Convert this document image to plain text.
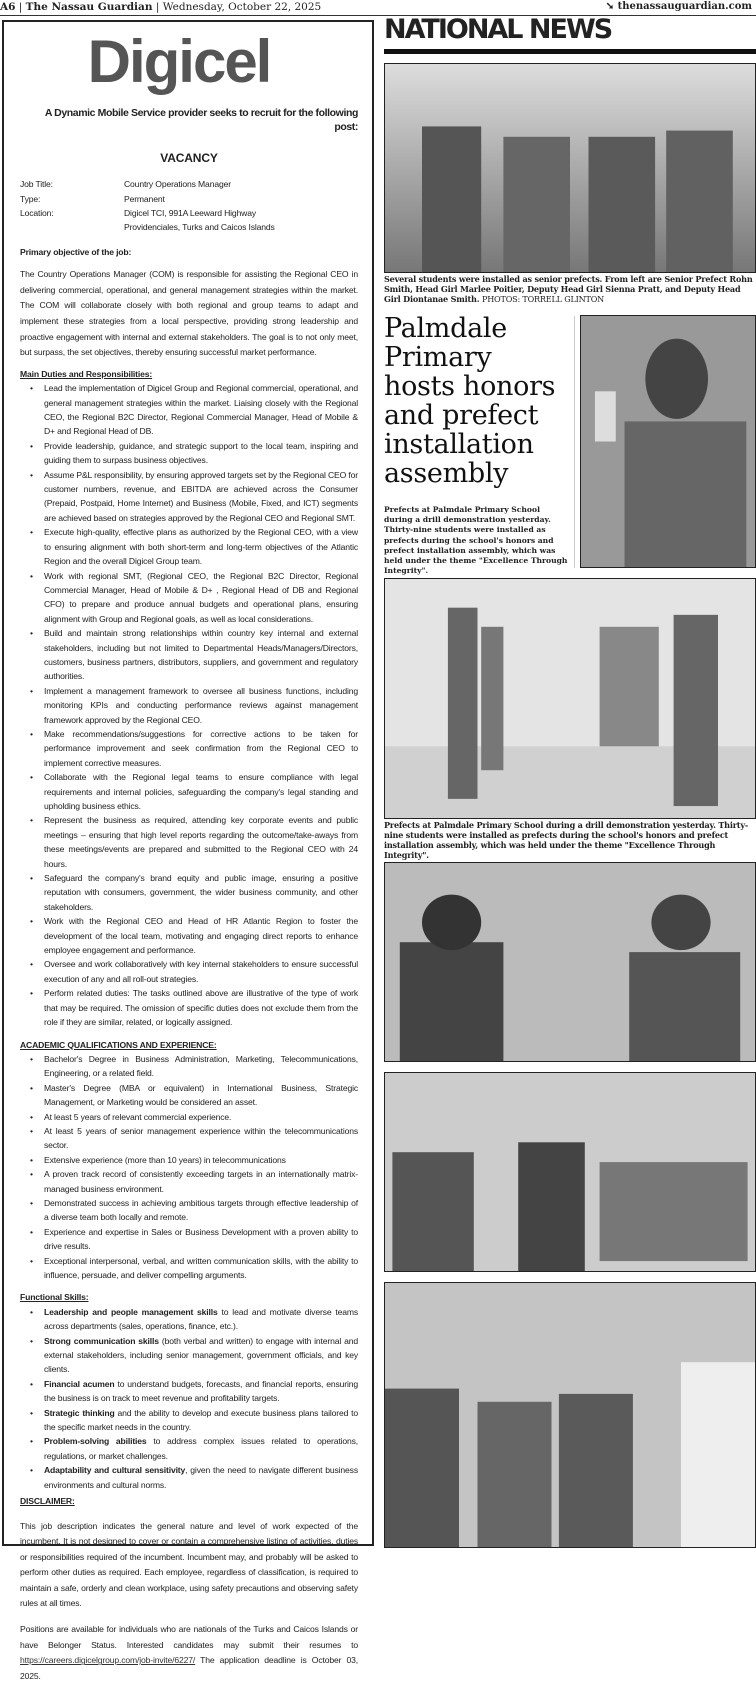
A6 | The Nassau Guardian | Wednesday, October 22, 2025	➘ thenassauguardian.com
Digicel
A Dynamic Mobile Service provider seeks to recruit for the following post:
VACANCY
Job Title:	Country Operations Manager
Type:	Permanent
Location:	Digicel TCI, 991A Leeward Highway
Providenciales, Turks and Caicos Islands
Primary objective of the job:

The Country Operations Manager (COM) is responsible for assisting the Regional CEO in delivering commercial, operational, and general management strategies within the market. The COM will collaborate closely with both regional and group teams to adapt and implement these strategies from a local perspective, providing strong leadership and proactive engagement with internal and external stakeholders. The goal is to not only meet, but surpass, the set objectives, thereby ensuring successful market performance.

Main Duties and Responsibilities:
• Lead the implementation of Digicel Group and Regional commercial, operational, and general management strategies within the market. Liaising closely with the Regional CEO, the Regional B2C Director, Regional Commercial Manager, Head of Mobile & D+ and Regional Head of DB.
• Provide leadership, guidance, and strategic support to the local team, inspiring and guiding them to surpass business objectives.
• Assume P&L responsibility, by ensuring approved targets set by the Regional CEO for customer numbers, revenue, and EBITDA are achieved across the Consumer (Prepaid, Postpaid, Home Internet) and Business (Mobile, Fixed, and ICT) segments are achieved based on strategies approved by the Regional CEO and Regional SMT.
• Execute high-quality, effective plans as authorized by the Regional CEO, with a view to ensuring alignment with both short-term and long-term objectives of the Atlantic Region and the overall Digicel Group team.
• Work with regional SMT, (Regional CEO, the Regional B2C Director, Regional Commercial Manager, Head of Mobile & D+ , Regional Head of DB and Regional CFO) to prepare and produce annual budgets and operational plans, ensuring alignment with Group and Regional goals, as well as local considerations.
• Build and maintain strong relationships within country key internal and external stakeholders, including but not limited to Departmental Heads/Managers/Directors, customers, business partners, distributors, suppliers, and government and regulatory authorities.
• Implement a management framework to oversee all business functions, including monitoring KPIs and conducting performance reviews against management framework approved by the Regional CEO.
• Make recommendations/suggestions for corrective actions to be taken for performance improvement and seek confirmation from the Regional CEO to implement corrective measures.
• Collaborate with the Regional legal teams to ensure compliance with legal requirements and internal policies, safeguarding the company's legal standing and upholding business ethics.
• Represent the business as required, attending key corporate events and public meetings – ensuring that high level reports regarding the outcome/take-aways from these meetings/events are prepared and submitted to the Regional CEO with 24 hours.
• Safeguard the company's brand equity and public image, ensuring a positive reputation with consumers, government, the wider business community, and other stakeholders.
• Work with the Regional CEO and Head of HR Atlantic Region to foster the development of the local team, motivating and engaging direct reports to enhance employee engagement and performance.
• Oversee and work collaboratively with key internal stakeholders to ensure successful execution of any and all roll-out strategies.
• Perform related duties: The tasks outlined above are illustrative of the type of work that may be required. The omission of specific duties does not exclude them from the role if they are similar, related, or logically assigned.
ACADEMIC QUALIFICATIONS AND EXPERIENCE:
• Bachelor's Degree in Business Administration, Marketing, Telecommunications, Engineering, or a related field.
• Master's Degree (MBA or equivalent) in International Business, Strategic Management, or Marketing would be considered an asset.
• At least 5 years of relevant commercial experience.
• At least 5 years of senior management experience within the telecommunications sector.
• Extensive experience (more than 10 years) in telecommunications
• A proven track record of consistently exceeding targets in an internationally matrix-managed business environment.
• Demonstrated success in achieving ambitious targets through effective leadership of a diverse team both locally and remote.
• Experience and expertise in Sales or Business Development with a proven ability to drive results.
• Exceptional interpersonal, verbal, and written communication skills, with the ability to influence, persuade, and deliver compelling arguments.
Functional Skills:
• Leadership and people management skills to lead and motivate diverse teams across departments (sales, operations, finance, etc.).
• Strong communication skills (both verbal and written) to engage with internal and external stakeholders, including senior management, government officials, and key clients.
• Financial acumen to understand budgets, forecasts, and financial reports, ensuring the business is on track to meet revenue and profitability targets.
• Strategic thinking and the ability to develop and execute business plans tailored to the specific market needs in the country.
• Problem-solving abilities to address complex issues related to operations, regulations, or market challenges.
• Adaptability and cultural sensitivity, given the need to navigate different business environments and cultural norms.
DISCLAIMER:

This job description indicates the general nature and level of work expected of the incumbent. It is not designed to cover or contain a comprehensive listing of activities, duties or responsibilities required of the incumbent. Incumbent may, and probably will be asked to perform other duties as required. Each employee, regardless of classification, is required to maintain a safe, orderly and clean workplace, using safety precautions and observing safety rules at all times.

Positions are available for individuals who are nationals of the Turks and Caicos Islands or have Belonger Status. Interested candidates may submit their resumes to https://careers.digicelgroup.com/job-invite/6227/ The application deadline is October 03, 2025.

NATIONAL NEWS
Several students were installed as senior prefects. From left are Senior Prefect Rohn Smith, Head Girl Marlee Poitier, Deputy Head Girl Sienna Pratt, and Deputy Head Girl Diontanae Smith. PHOTOS: TORRELL GLINTON
Palmdale Primary hosts honors and prefect installation assembly
Prefects at Palmdale Primary School during a drill demonstration yesterday. Thirty-nine students were installed as prefects during the school's honors and prefect installation assembly, which was held under the theme "Excellence Through Integrity".
Prefects at Palmdale Primary School during a drill demonstration yesterday. Thirty-nine students were installed as prefects during the school's honors and prefect installation assembly, which was held under the theme "Excellence Through Integrity".
